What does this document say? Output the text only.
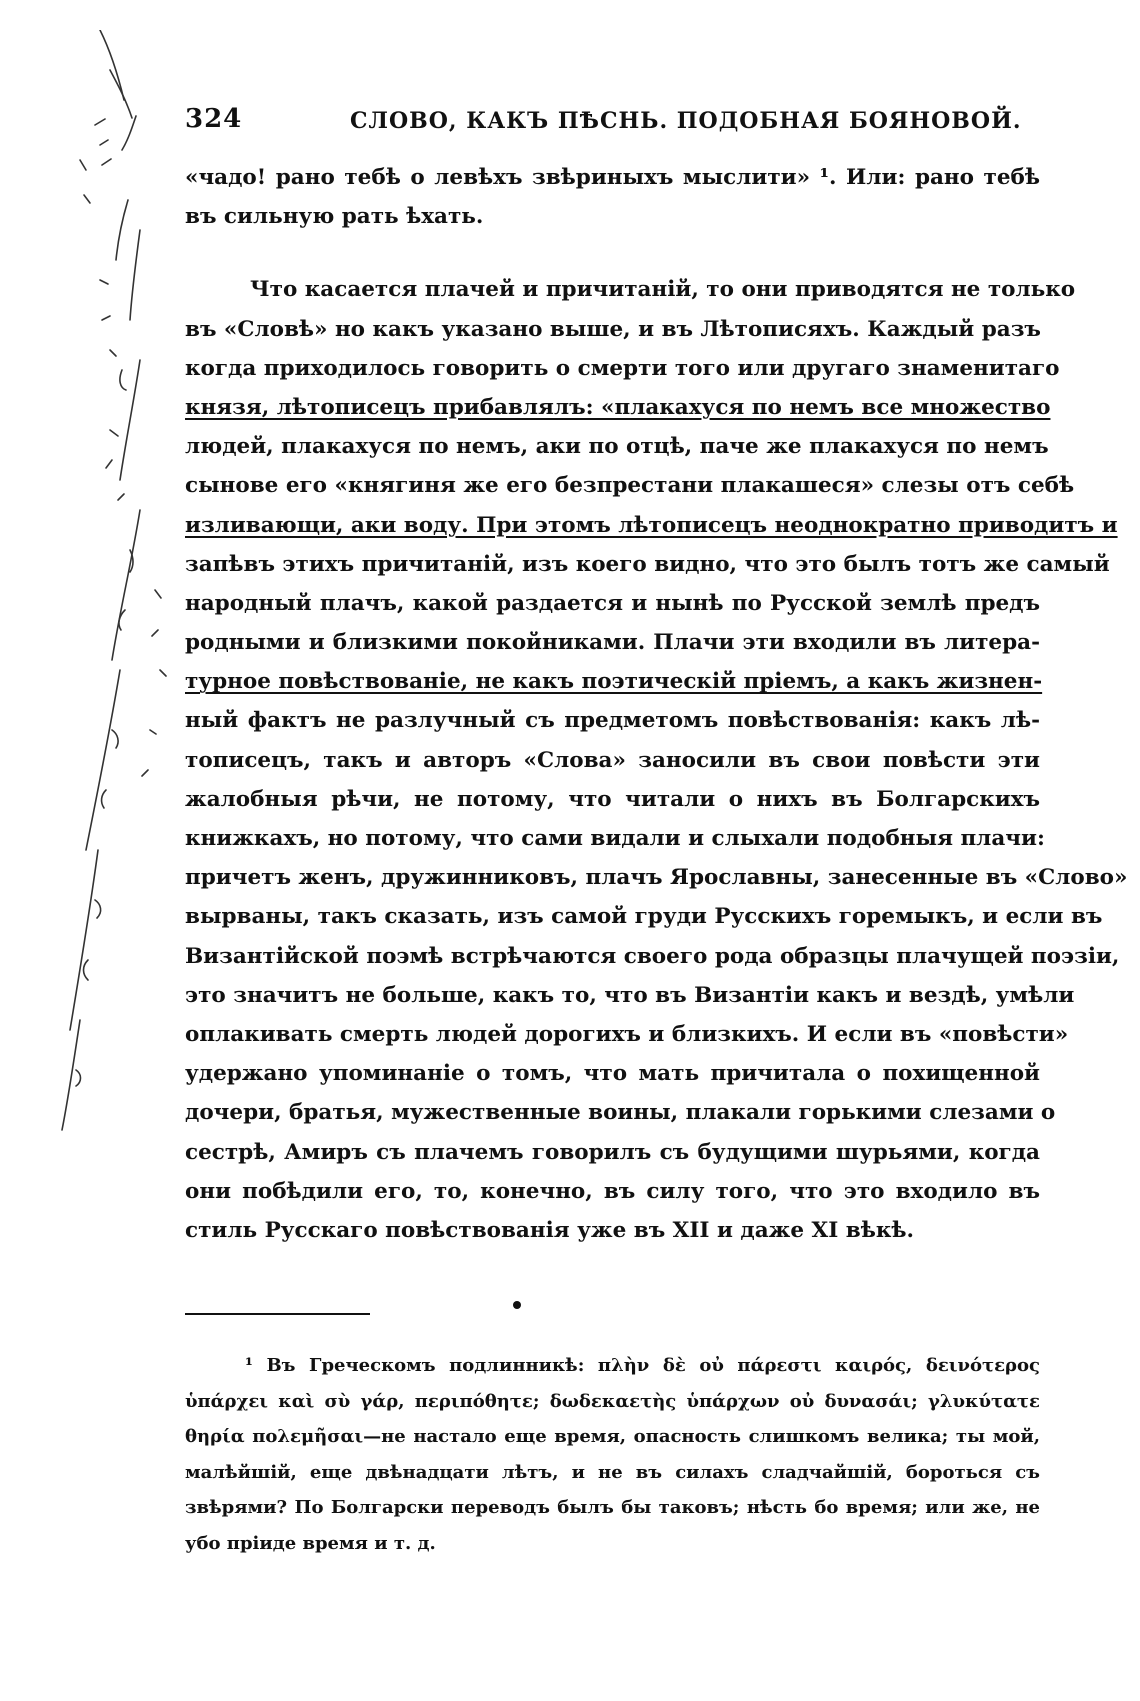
324	СЛОВО, КАКЪ ПѢСНЬ. ПОДОБНАЯ БОЯНОВОЙ.
«чадо! рано тебѣ о левѣхъ звѣриныхъ мыслити» ¹. Или: рано тебѣ
въ сильную рать ѣхать.
Что касается плачей и причитаній, то они приводятся не только
въ «Словѣ» но какъ указано выше, и въ Лѣтописяхъ. Каждый разъ
когда приходилось говорить о смерти того или другаго знаменитаго
князя, лѣтописецъ прибавлялъ: «плакахуся по немъ все множество
людей, плакахуся по немъ, аки по отцѣ, паче же плакахуся по немъ
сынове его «княгиня же его безпрестани плакашеся» слезы отъ себѣ
изливающи, аки воду. При этомъ лѣтописецъ неоднократно приводитъ и
запѣвъ этихъ причитаній, изъ коего видно, что это былъ тотъ же самый
народный плачъ, какой раздается и нынѣ по Русской землѣ предъ
родными и близкими покойниками. Плачи эти входили въ литера-
турное повѣствованіе, не какъ поэтическій пріемъ, а какъ жизнен-
ный фактъ не разлучный съ предметомъ повѣствованія: какъ лѣ-
тописецъ, такъ и авторъ «Слова» заносили въ свои повѣсти эти
жалобныя рѣчи, не потому, что читали о нихъ въ Болгарскихъ
книжкахъ, но потому, что сами видали и слыхали подобныя плачи:
причетъ женъ, дружинниковъ, плачъ Ярославны, занесенные въ «Слово»
вырваны, такъ сказать, изъ самой груди Русскихъ горемыкъ, и если въ
Византійской поэмѣ встрѣчаются своего рода образцы плачущей поэзіи,
это значитъ не больше, какъ то, что въ Византіи какъ и вездѣ, умѣли
оплакивать смерть людей дорогихъ и близкихъ. И если въ «повѣсти»
удержано упоминаніе о томъ, что мать причитала о похищенной
дочери, братья, мужественные воины, плакали горькими слезами о
сестрѣ, Амиръ съ плачемъ говорилъ съ будущими шурьями, когда
они побѣдили его, то, конечно, въ силу того, что это входило въ
стиль Русскаго повѣствованія уже въ XII и даже XI вѣкѣ.
¹ Въ Греческомъ подлинникѣ: πλὴν δὲ οὐ πάρεστι καιρός, δεινότερος
ὑπάρχει καὶ σὺ γάρ, περιπόθητε; δωδεκαετὴς ὑπάρχων οὐ δυνασάι; γλυκύτατε
θηρία πολεμῆσαι—не настало еще время, опасность слишкомъ велика; ты мой,
малѣйшій, еще двѣнадцати лѣтъ, и не въ силахъ сладчайшій, бороться съ
звѣрями? По Болгарски переводъ былъ бы таковъ; нѣсть бо время; или же, не
убо пріиде время и т. д.
